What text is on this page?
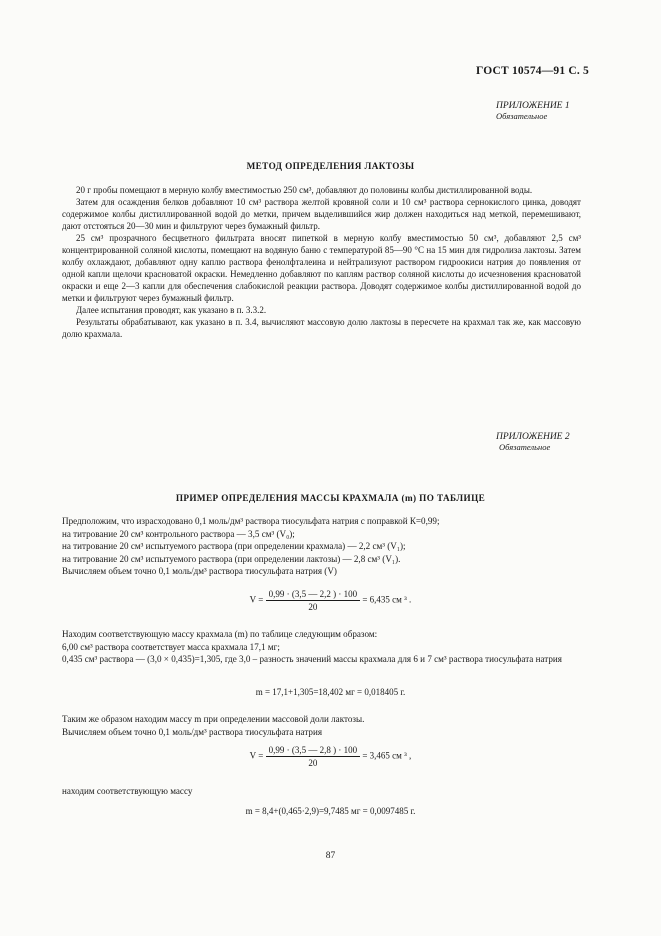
ГОСТ 10574—91 С. 5
ПРИЛОЖЕНИЕ 1
Обязательное
МЕТОД ОПРЕДЕЛЕНИЯ ЛАКТОЗЫ

20 г пробы помещают в мерную колбу вместимостью 250 см³, добавляют до половины колбы дистиллированной воды.

Затем для осаждения белков добавляют 10 см³ раствора желтой кровяной соли и 10 см³ раствора сернокислого цинка, доводят содержимое колбы дистиллированной водой до метки, причем выделившийся жир должен находиться над меткой, перемешивают, дают отстояться 20—30 мин и фильтруют через бумажный фильтр.

25 см³ прозрачного бесцветного фильтрата вносят пипеткой в мерную колбу вместимостью 50 см³, добавляют 2,5 см³ концентрированной соляной кислоты, помещают на водяную баню с температурой 85—90 °С на 15 мин для гидролиза лактозы. Затем колбу охлаждают, добавляют одну каплю раствора фенолфталеина и нейтрализуют раствором гидроокиси натрия до появления от одной капли щелочи красноватой окраски. Немедленно добавляют по каплям раствор соляной кислоты до исчезновения красноватой окраски и еще 2—3 капли для обеспечения слабокислой реакции раствора. Доводят содержимое колбы дистиллированной водой до метки и фильтруют через бумажный фильтр.

Далее испытания проводят, как указано в п. 3.3.2.

Результаты обрабатывают, как указано в п. 3.4, вычисляют массовую долю лактозы в пересчете на крахмал так же, как массовую долю крахмала.

ПРИЛОЖЕНИЕ 2
Обязательное
ПРИМЕР ОПРЕДЕЛЕНИЯ МАССЫ КРАХМАЛА (m) ПО ТАБЛИЦЕ

Предположим, что израсходовано 0,1 моль/дм³ раствора тиосульфата натрия с поправкой К=0,99;

на титрование 20 см³ контрольного раствора — 3,5 см³ (V₀);

на титрование 20 см³ испытуемого раствора (при определении крахмала) — 2,2 см³ (V₁);

на титрование 20 см³ испытуемого раствора (при определении лактозы) — 2,8 см³ (V₁).

Вычисляем объем точно 0,1 моль/дм³ раствора тиосульфата натрия (V)

$V = \frac{0,99 \cdot (3,5 — 2,2 ) \cdot 100}{20} = 6,435$ см ³ .

Находим соответствующую массу крахмала (m) по таблице следующим образом:

6,00 см³ раствора соответствует масса крахмала 17,1 мг;

0,435 см³ раствора — (3,0 × 0,435)=1,305, где 3,0 – разность значений массы крахмала для 6 и 7 см³ раствора тиосульфата натрия

m = 17,1+1,305=18,402 мг = 0,018405 г.

Таким же образом находим массу m при определении массовой доли лактозы.

Вычисляем объем точно 0,1 моль/дм³ раствора тиосульфата натрия

$V = \frac{0,99 \cdot (3,5 — 2,8 ) \cdot 100}{20} = 3,465$ см ³ ,

находим соответствующую массу

m = 8,4+(0,465·2,9)=9,7485 мг = 0,0097485 г.
87
